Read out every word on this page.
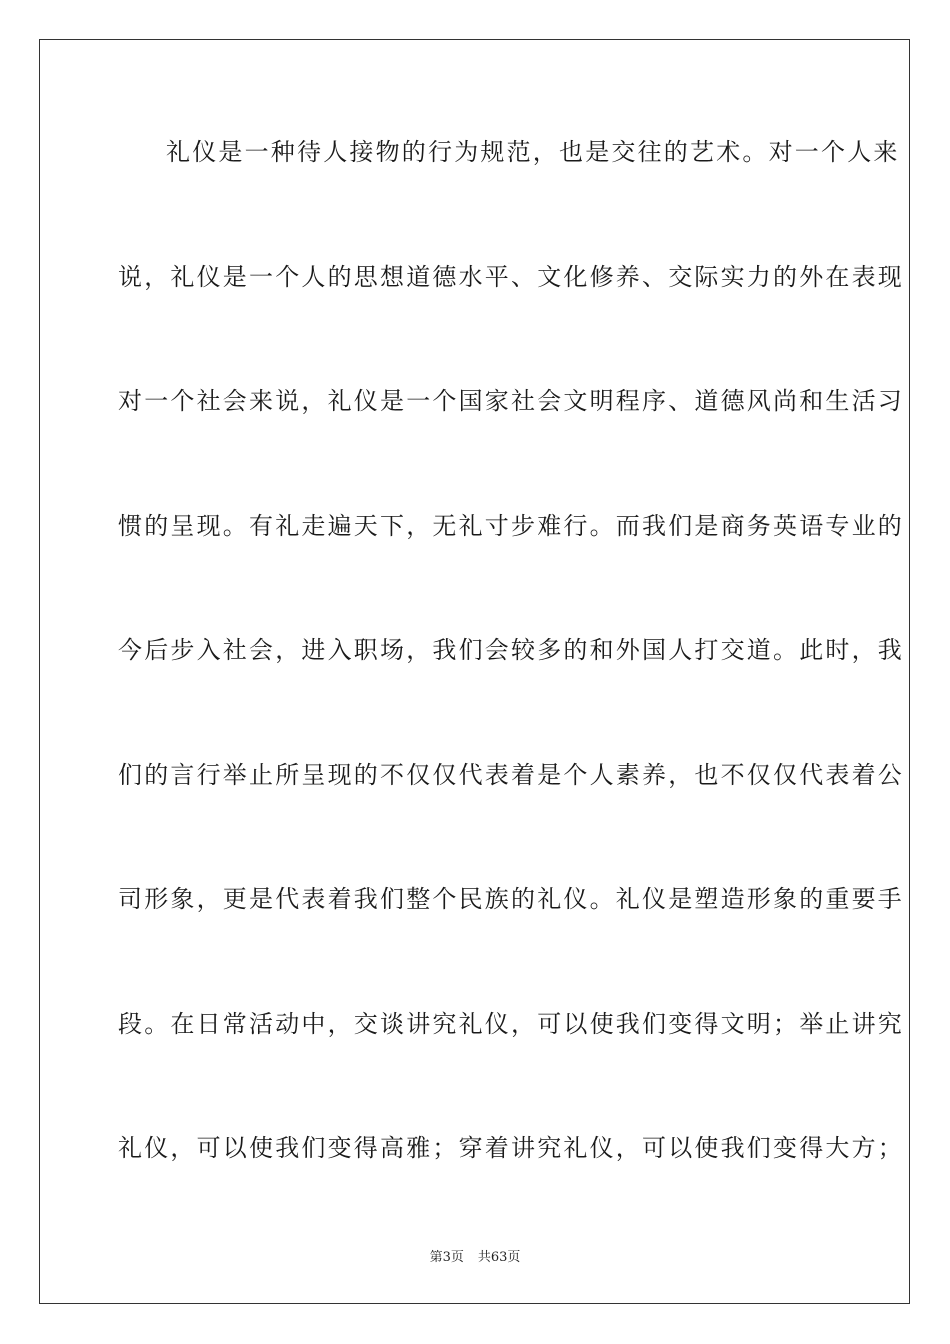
礼仪是一种待人接物的行为规范，也是交往的艺术。对一个人来
说，礼仪是一个人的思想道德水平、文化修养、交际实力的外在表现
对一个社会来说，礼仪是一个国家社会文明程序、道德风尚和生活习
惯的呈现。有礼走遍天下，无礼寸步难行。而我们是商务英语专业的
今后步入社会，进入职场，我们会较多的和外国人打交道。此时，我
们的言行举止所呈现的不仅仅代表着是个人素养，也不仅仅代表着公
司形象，更是代表着我们整个民族的礼仪。礼仪是塑造形象的重要手
段。在日常活动中，交谈讲究礼仪，可以使我们变得文明；举止讲究
礼仪，可以使我们变得高雅；穿着讲究礼仪，可以使我们变得大方；
第3页 共63页
